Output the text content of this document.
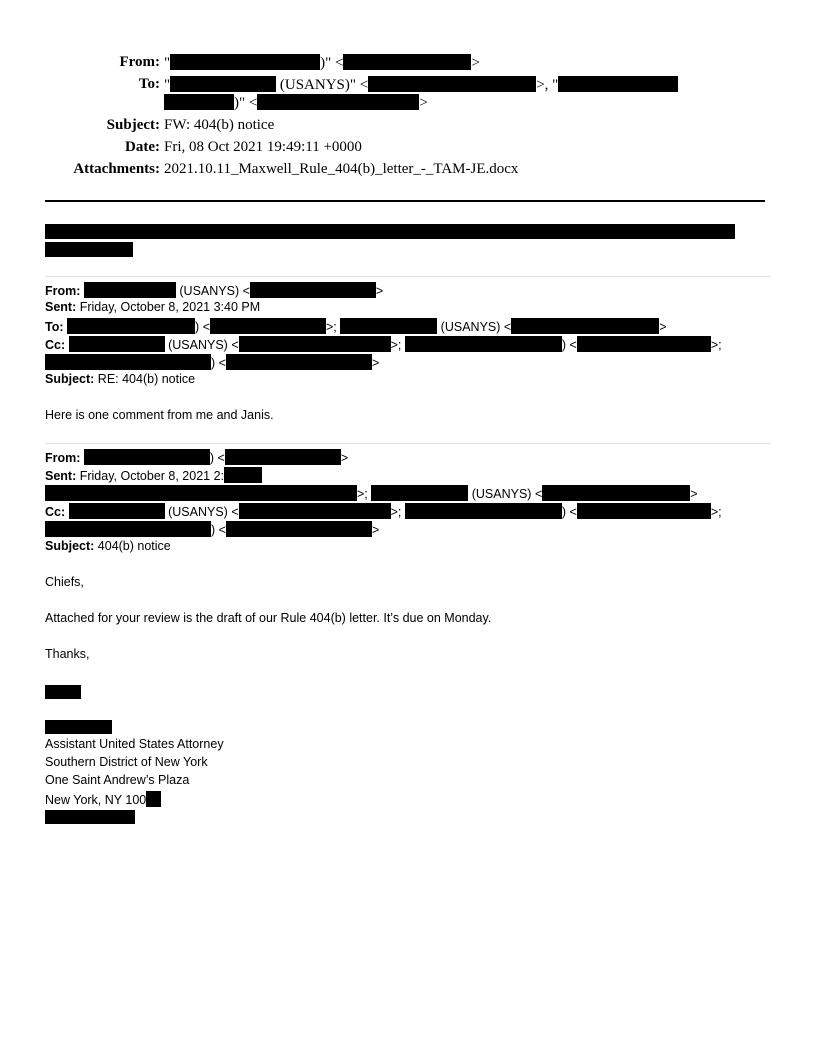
From: "	)" <	>
To: "	(USANYS)" <	>, "
)" <	>
Subject: FW: 404(b) notice
Date: Fri, 08 Oct 2021 19:49:11 +0000
Attachments: 2021.10.11_Maxwell_Rule_404(b)_letter_-_TAM-JE.docx
From:	(USANYS) <	>
Sent: Friday, October 8, 2021 3:40 PM
To:	) <	>;	(USANYS) <	>
Cc:	(USANYS) <	>;	) <	>;
) <	>
Subject: RE: 404(b) notice
Here is one comment from me and Janis.
From:	) <	>
Sent: Friday, October 8, 2021 2:
>;	(USANYS) <	>
Cc:	(USANYS) <	>;	) <	>;
) <	>
Subject: 404(b) notice
Chiefs,
Attached for your review is the draft of our Rule 404(b) letter. It’s due on Monday.
Thanks,
Assistant United States Attorney
Southern District of New York
One Saint Andrew’s Plaza
New York, NY 100
